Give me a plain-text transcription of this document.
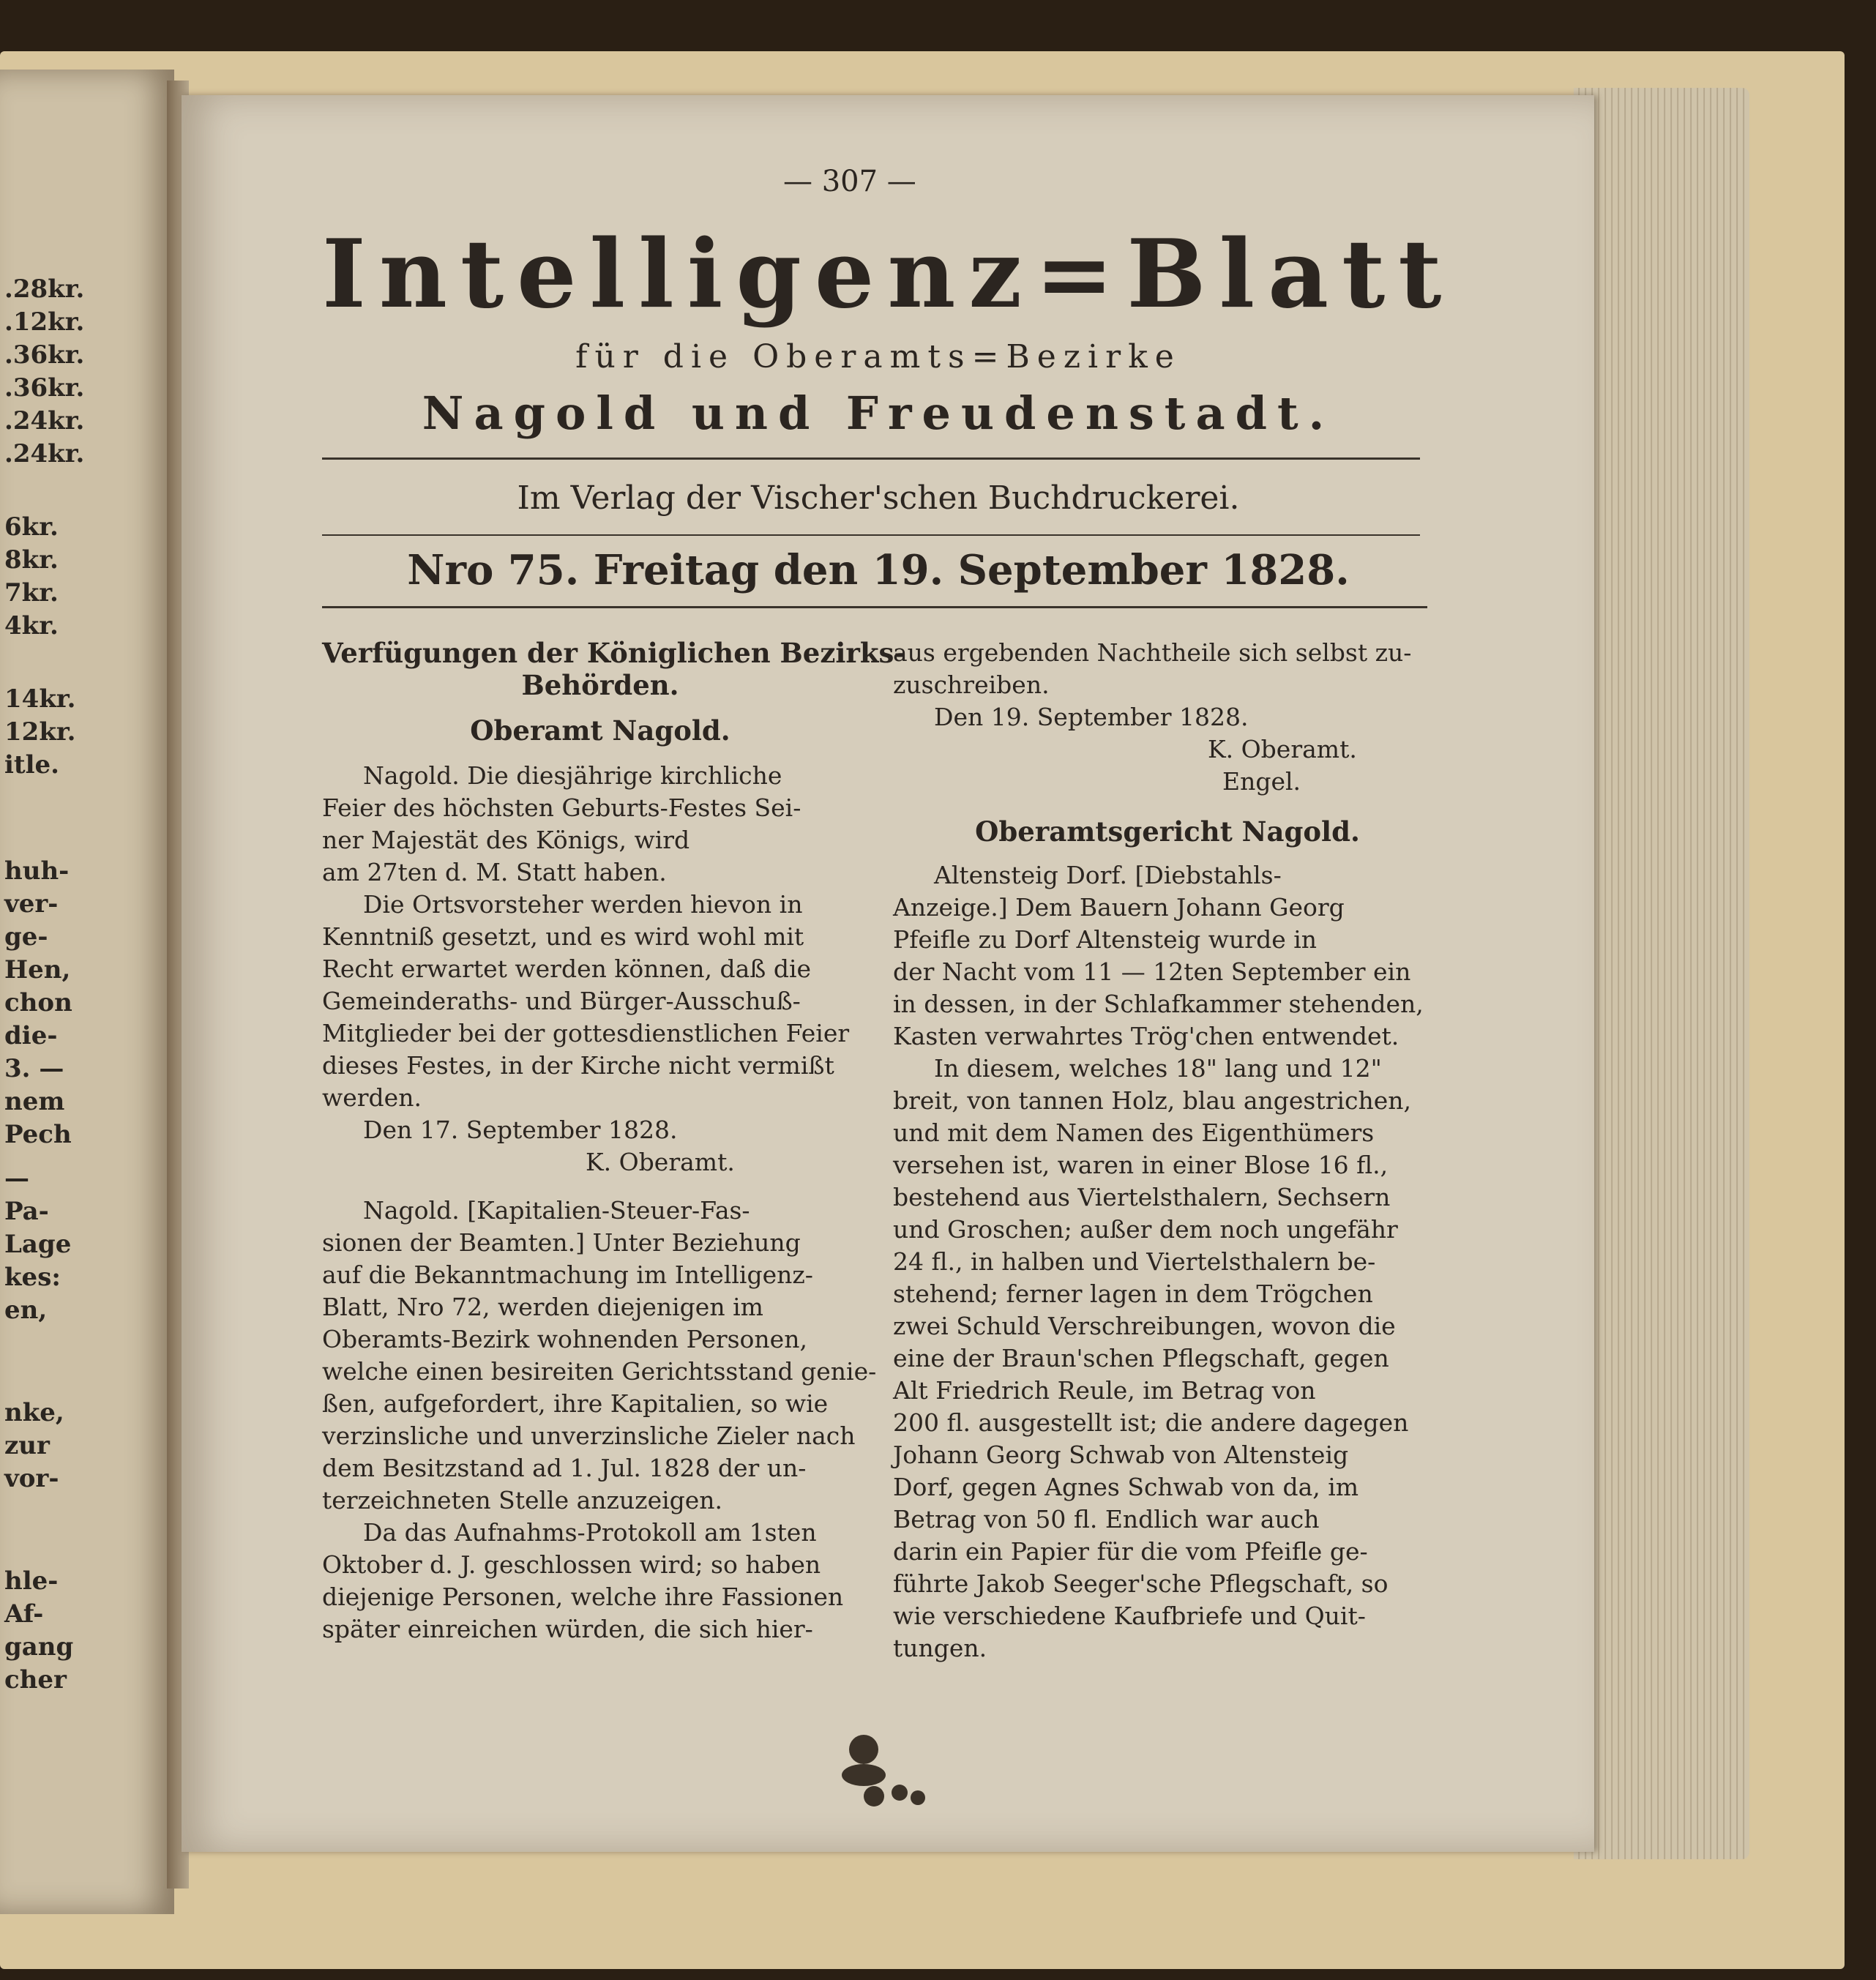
.28kr.
.12kr.
.36kr.
.36kr.
.24kr.
.24kr.
6kr.
8kr.
7kr.
4kr.
14kr.
12kr.
itle.
huh-
ver-
ge-
Hen,
chon
die-
3. —
nem
Pech
—
Pa-
Lage
kes:
en,
nke,
zur
vor-
hle-
Af-
gang
cher
— 307 —
Intelligenz=Blatt
für die Oberamts=Bezirke
Nagold und Freudenstadt.
Im Verlag der Vischer'schen Buchdruckerei.
Nro 75. Freitag den 19. September 1828.

Verfügungen der Königlichen Bezirks-

Behörden.

Oberamt Nagold.

Nagold. Die diesjährige kirchliche

Feier des höchsten Geburts-Festes Sei-

ner Majestät des Königs, wird

am 27ten d. M. Statt haben.

Die Ortsvorsteher werden hievon in

Kenntniß gesetzt, und es wird wohl mit

Recht erwartet werden können, daß die

Gemeinderaths- und Bürger-Ausschuß-

Mitglieder bei der gottesdienstlichen Feier

dieses Festes, in der Kirche nicht vermißt

werden.

Den 17. September 1828.

K. Oberamt.

Nagold. [Kapitalien-Steuer-Fas-

sionen der Beamten.] Unter Beziehung

auf die Bekanntmachung im Intelligenz-

Blatt, Nro 72, werden diejenigen im

Oberamts-Bezirk wohnenden Personen,

welche einen besireiten Gerichtsstand genie-

ßen, aufgefordert, ihre Kapitalien, so wie

verzinsliche und unverzinsliche Zieler nach

dem Besitzstand ad 1. Jul. 1828 der un-

terzeichneten Stelle anzuzeigen.

Da das Aufnahms-Protokoll am 1sten

Oktober d. J. geschlossen wird; so haben

diejenige Personen, welche ihre Fassionen

später einreichen würden, die sich hier-

aus ergebenden Nachtheile sich selbst zu-

zuschreiben.

Den 19. September 1828.

K. Oberamt.

Engel.

Oberamtsgericht Nagold.

Altensteig Dorf. [Diebstahls-

Anzeige.] Dem Bauern Johann Georg

Pfeifle zu Dorf Altensteig wurde in

der Nacht vom 11 — 12ten September ein

in dessen, in der Schlafkammer stehenden,

Kasten verwahrtes Trög'chen entwendet.

In diesem, welches 18" lang und 12"

breit, von tannen Holz, blau angestrichen,

und mit dem Namen des Eigenthümers

versehen ist, waren in einer Blose 16 fl.,

bestehend aus Viertelsthalern, Sechsern

und Groschen; außer dem noch ungefähr

24 fl., in halben und Viertelsthalern be-

stehend; ferner lagen in dem Trögchen

zwei Schuld Verschreibungen, wovon die

eine der Braun'schen Pflegschaft, gegen

Alt Friedrich Reule, im Betrag von

200 fl. ausgestellt ist; die andere dagegen

Johann Georg Schwab von Altensteig

Dorf, gegen Agnes Schwab von da, im

Betrag von 50 fl. Endlich war auch

darin ein Papier für die vom Pfeifle ge-

führte Jakob Seeger'sche Pflegschaft, so

wie verschiedene Kaufbriefe und Quit-

tungen.
